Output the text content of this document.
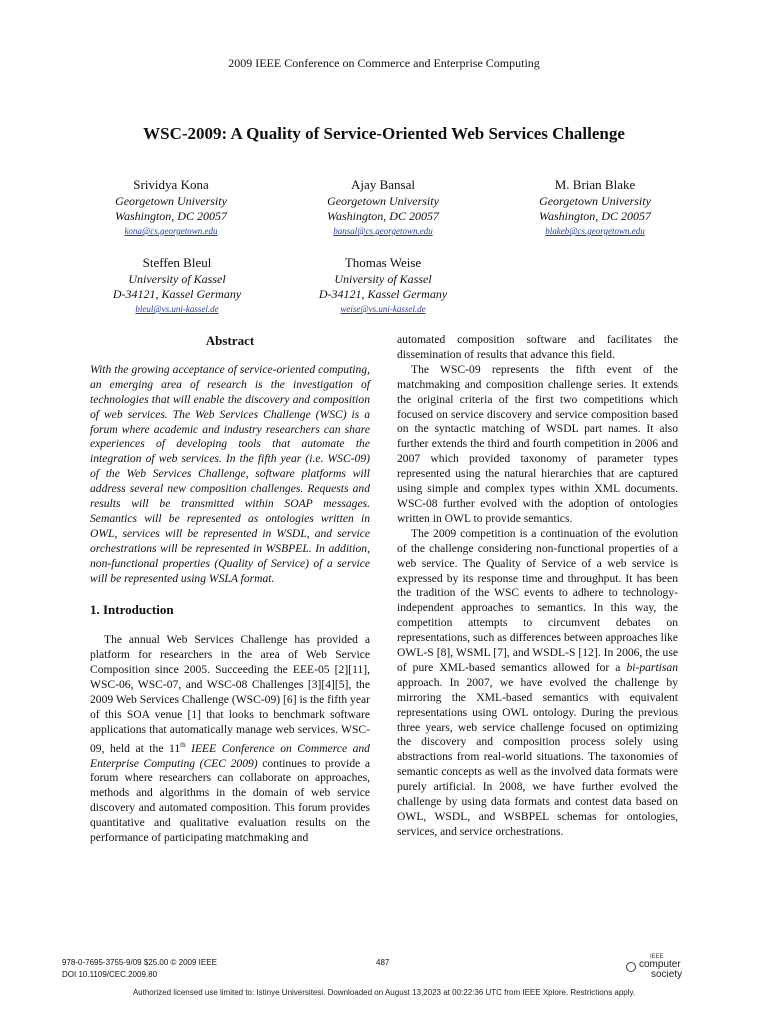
2009 IEEE Conference on Commerce and Enterprise Computing
WSC-2009: A Quality of Service-Oriented Web Services Challenge
Srividya Kona
Georgetown University
Washington, DC 20057
kona@cs.georgetown.edu
Ajay Bansal
Georgetown University
Washington, DC 20057
bansal@cs.georgetown.edu
M. Brian Blake
Georgetown University
Washington, DC 20057
blakeb@cs.georgetown.edu
Steffen Bleul
University of Kassel
D-34121, Kassel Germany
bleul@vs.uni-kassel.de
Thomas Weise
University of Kassel
D-34121, Kassel Germany
weise@vs.uni-kassel.de
Abstract

With the growing acceptance of service-oriented computing, an emerging area of research is the investigation of technologies that will enable the discovery and composition of web services. The Web Services Challenge (WSC) is a forum where academic and industry researchers can share experiences of developing tools that automate the integration of web services. In the fifth year (i.e. WSC-09) of the Web Services Challenge, software platforms will address several new composition challenges. Requests and results will be transmitted within SOAP messages. Semantics will be represented as ontologies written in OWL, services will be represented in WSDL, and service orchestrations will be represented in WSBPEL. In addition, non-functional properties (Quality of Service) of a service will be represented using WSLA format.

1. Introduction

The annual Web Services Challenge has provided a platform for researchers in the area of Web Service Composition since 2005. Succeeding the EEE-05 [2][11], WSC-06, WSC-07, and WSC-08 Challenges [3][4][5], the 2009 Web Services Challenge (WSC-09) [6] is the fifth year of this SOA venue [1] that looks to benchmark software applications that automatically manage web services. WSC-09, held at the 11th IEEE Conference on Commerce and Enterprise Computing (CEC 2009) continues to provide a forum where researchers can collaborate on approaches, methods and algorithms in the domain of web service discovery and automated composition. This forum provides quantitative and qualitative evaluation results on the performance of participating matchmaking and

automated composition software and facilitates the dissemination of results that advance this field.

The WSC-09 represents the fifth event of the matchmaking and composition challenge series. It extends the original criteria of the first two competitions which focused on service discovery and service composition based on the syntactic matching of WSDL part names. It also further extends the third and fourth competition in 2006 and 2007 which provided taxonomy of parameter types represented using the natural hierarchies that are captured using simple and complex types within XML documents. WSC-08 further evolved with the adoption of ontologies written in OWL to provide semantics.

The 2009 competition is a continuation of the evolution of the challenge considering non-functional properties of a web service. The Quality of Service of a web service is expressed by its response time and throughput. It has been the tradition of the WSC events to adhere to technology-independent approaches to semantics. In this way, the competition attempts to circumvent debates on representations, such as differences between approaches like OWL-S [8], WSML [7], and WSDL-S [12]. In 2006, the use of pure XML-based semantics allowed for a bi-partisan approach. In 2007, we have evolved the challenge by mirroring the XML-based semantics with equivalent representations using OWL ontology. During the previous three years, web service challenge focused on optimizing the discovery and composition process solely using abstractions from real-world situations. The taxonomies of semantic concepts as well as the involved data formats were purely artificial. In 2008, we have further evolved the challenge by using data formats and contest data based on OWL, WSDL, and WSBPEL schemas for ontologies, services, and service orchestrations.

978-0-7695-3755-9/09 $25.00 © 2009 IEEE
DOI 10.1109/CEC.2009.80
487
IEEE
computer
society
Authorized licensed use limited to: Istinye Universitesi. Downloaded on August 13,2023 at 00:22:36 UTC from IEEE Xplore. Restrictions apply.
